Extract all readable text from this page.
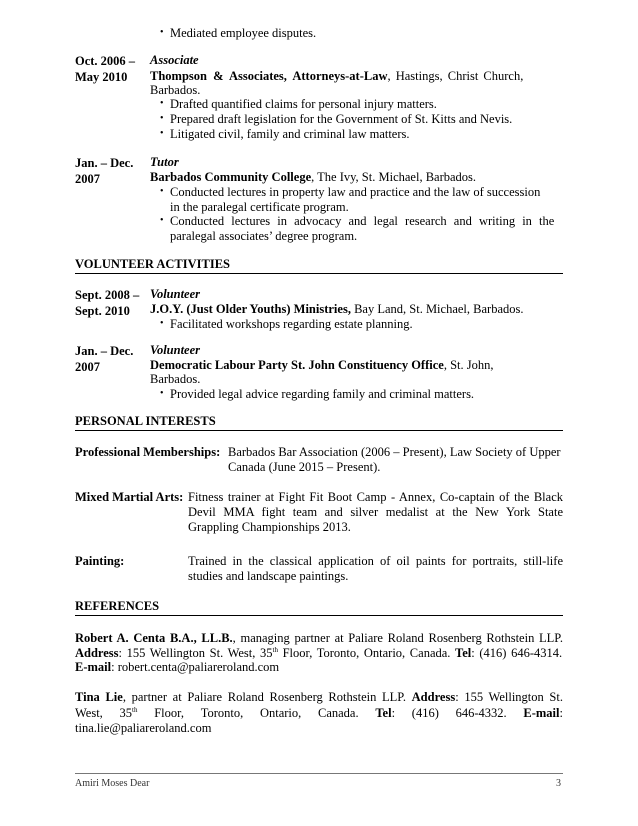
• Mediated employee disputes.
Oct. 2006 –
May 2010
Associate
Thompson & Associates, Attorneys-at-Law, Hastings, Christ Church,
Barbados.
• Drafted quantified claims for personal injury matters.
• Prepared draft legislation for the Government of St. Kitts and Nevis.
• Litigated civil, family and criminal law matters.
Jan. – Dec.
2007
Tutor
Barbados Community College, The Ivy, St. Michael, Barbados.
• Conducted lectures in property law and practice and the law of succession
in the paralegal certificate program.
• Conducted lectures in advocacy and legal research and writing in the
paralegal associates’ degree program.
VOLUNTEER ACTIVITIES
Sept. 2008 –
Sept. 2010
Volunteer
J.O.Y. (Just Older Youths) Ministries, Bay Land, St. Michael, Barbados.
• Facilitated workshops regarding estate planning.
Jan. – Dec.
2007
Volunteer
Democratic Labour Party St. John Constituency Office, St. John,
Barbados.
• Provided legal advice regarding family and criminal matters.
PERSONAL INTERESTS
Professional Memberships: Barbados Bar Association (2006 – Present), Law Society of Upper
Canada (June 2015 – Present).
Mixed Martial Arts: Fitness trainer at Fight Fit Boot Camp - Annex, Co-captain of the Black
Devil MMA fight team and silver medalist at the New York State
Grappling Championships 2013.
Painting:	Trained in the classical application of oil paints for portraits, still-life
studies and landscape paintings.
REFERENCES
Robert A. Centa B.A., LL.B., managing partner at Paliare Roland Rosenberg Rothstein LLP.
Address: 155 Wellington St. West, 35th Floor, Toronto, Ontario, Canada. Tel: (416) 646-4314.
E-mail: robert.centa@paliareroland.com
Tina Lie, partner at Paliare Roland Rosenberg Rothstein LLP. Address: 155 Wellington St.
West, 35th Floor, Toronto, Ontario, Canada. Tel: (416) 646-4332. E-mail:
tina.lie@paliareroland.com
Amiri Moses Dear	3
